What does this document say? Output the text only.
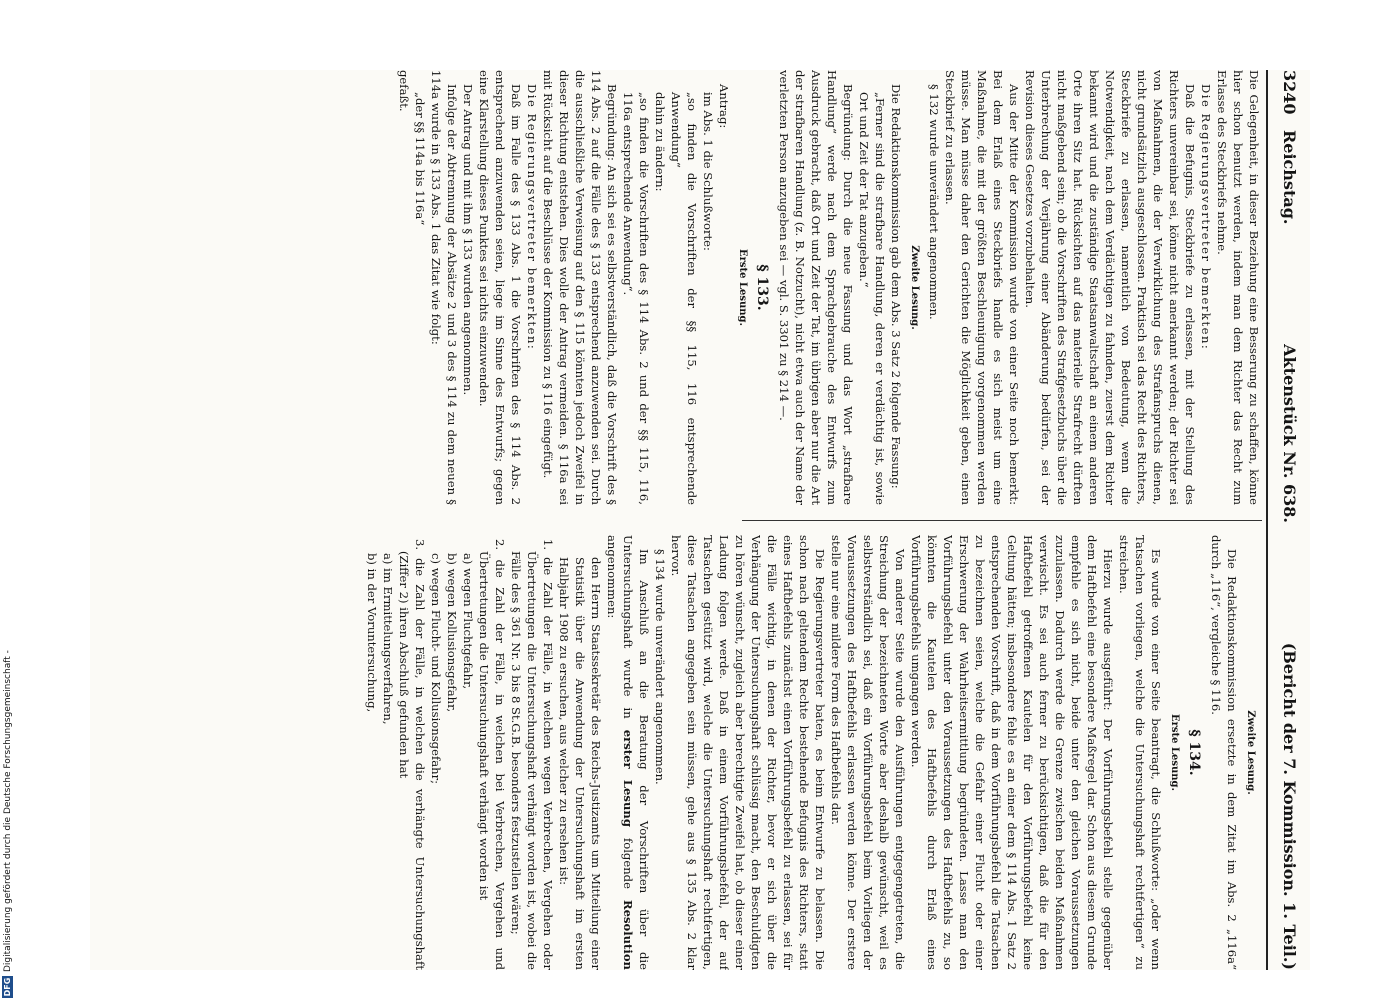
3240
Reichstag.
Aktenstück Nr. 638.
(Bericht der 7. Kommission. 1. Teil.)

Die Gelegenheit, in dieser Beziehung eine Besserung zu schaffen, könne hier schon benutzt werden, indem man dem Richter das Recht zum Erlasse des Steckbriefs nehme.

Die Regierungsvertreter bemerkten:

Daß die Befugnis, Steckbriefe zu erlassen, mit der Stellung des Richters unvereinbar sei, könne nicht anerkannt werden; der Richter sei von Maßnahmen, die der Verwirklichung des Strafanspruchs dienen, nicht grundsätzlich ausgeschlossen. Praktisch sei das Recht des Richters, Steckbriefe zu erlassen, namentlich von Bedeutung, wenn die Notwendigkeit, nach dem Verdächtigen zu fahnden, zuerst dem Richter bekannt wird und die zuständige Staatsanwaltschaft an einem anderen Orte ihren Sitz hat. Rücksichten auf das materielle Strafrecht dürften nicht maßgebend sein; ob die Vorschriften des Strafgesetzbuchs über die Unterbrechung der Verjährung einer Abänderung bedürfen, sei der Revision dieses Gesetzes vorzubehalten.

Aus der Mitte der Kommission wurde von einer Seite noch bemerkt: Bei dem Erlaß eines Steckbriefs handle es sich meist um eine Maßnahme, die mit der größten Beschleunigung vorgenommen werden müsse. Man müsse daher den Gerichten die Möglichkeit geben, einen Steckbrief zu erlassen.

§ 132 wurde unverändert angenommen.

Zweite Lesung.

Die Redaktionskommission gab dem Abs. 3 Satz 2 folgende Fassung:

„Ferner sind die strafbare Handlung, deren er verdächtig ist, sowie Ort und Zeit der Tat anzugeben.“

Begründung: Durch die neue Fassung und das Wort „strafbare Handlung“ werde nach dem Sprachgebrauche des Entwurfs zum Ausdruck gebracht, daß Ort und Zeit der Tat, im übrigen aber nur die Art der strafbaren Handlung (z. B. Notzucht), nicht etwa auch der Name der verletzten Person anzugeben sei — vgl. S. 3301 zu § 214 —.

§ 133.
Erste Lesung.

Antrag:

im Abs. 1 die Schlußworte:

„so finden die Vorschriften der §§ 115, 116 entsprechende Anwendung“

dahin zu ändern:

„so finden die Vorschriften des § 114 Abs. 2 und der §§ 115, 116, 116a entsprechende Anwendung“.

Begründung: An sich sei es selbstverständlich, daß die Vorschrift des § 114 Abs. 2 auf die Fälle des § 133 entsprechend anzuwenden sei. Durch die ausschließliche Verweisung auf den § 115 könnten jedoch Zweifel in dieser Richtung entstehen. Dies wolle der Antrag vermeiden. § 116a sei mit Rücksicht auf die Beschlüsse der Kommission zu § 116 eingefügt.

Die Regierungsvertreter bemerkten:

Daß im Falle des § 133 Abs. 1 die Vorschriften des § 114 Abs. 2 entsprechend anzuwenden seien, liege im Sinne des Entwurfs; gegen eine Klarstellung dieses Punktes sei nichts einzuwenden.

Der Antrag und mit ihm § 133 wurden angenommen.

Infolge der Abtrennung der Absätze 2 und 3 des § 114 zu dem neuen § 114a wurde in § 133 Abs. 1 das Zitat wie folgt:

„der §§ 114a bis 116a“

gefaßt.

Zweite Lesung.

Die Redaktionskommission ersetzte in dem Zitat im Abs. 2 „116a“ durch „116“, vergleiche § 116.

§ 134.
Erste Lesung.

Es wurde von einer Seite beantragt, die Schlußworte: „oder wenn Tatsachen vorliegen, welche die Untersuchungshaft rechtfertigen“ zu streichen.

Hierzu wurde ausgeführt: Der Vorführungsbefehl stelle gegenüber dem Haftbefehl eine besondere Maßregel dar. Schon aus diesem Grunde empfehle es sich nicht, beide unter den gleichen Voraussetzungen zuzulassen. Dadurch werde die Grenze zwischen beiden Maßnahmen verwischt. Es sei auch ferner zu berücksichtigen, daß die für den Haftbefehl getroffenen Kautelen für den Vorführungsbefehl keine Geltung hätten; insbesondere fehle es an einer dem § 114 Abs. 1 Satz 2 entsprechenden Vorschrift, daß in dem Vorführungsbefehl die Tatsachen zu bezeichnen seien, welche die Gefahr einer Flucht oder einer Erschwerung der Wahrheitsermittlung begründeten. Lasse man den Vorführungsbefehl unter den Voraussetzungen des Haftbefehls zu, so könnten die Kautelen des Haftbefehls durch Erlaß eines Vorführungsbefehls umgangen werden.

Von anderer Seite wurde den Ausführungen entgegengetreten, die Streichung der bezeichneten Worte aber deshalb gewünscht, weil es selbstverständlich sei, daß ein Vorführungsbefehl beim Vorliegen der Voraussetzungen des Haftbefehls erlassen werden könne. Der erstere stelle nur eine mildere Form des Haftbefehls dar.

Die Regierungsvertreter baten, es beim Entwurfe zu belassen. Die schon nach geltendem Rechte bestehende Befugnis des Richters, statt eines Haftbefehls zunächst einen Vorführungsbefehl zu erlassen, sei für die Fälle wichtig, in denen der Richter, bevor er sich über die Verhängung der Untersuchungshaft schlüssig macht, den Beschuldigten zu hören wünscht, zugleich aber berechtigte Zweifel hat, ob dieser einer Ladung folgen werde. Daß in einem Vorführungsbefehl, der auf Tatsachen gestützt wird, welche die Untersuchungshaft rechtfertigen, diese Tatsachen angegeben sein müssen, gehe aus § 135 Abs. 2 klar hervor.

§ 134 wurde unverändert angenommen.

Im Anschluß an die Beratung der Vorschriften über die Untersuchungshaft wurde in erster Lesung folgende Resolution angenommen:

den Herrn Staatssekretär des Reichs-Justizamts um Mitteilung einer Statistik über die Anwendung der Untersuchungshaft im ersten Halbjahr 1908 zu ersuchen, aus welcher zu ersehen ist:

1. die Zahl der Fälle, in welchen wegen Verbrechen, Vergehen oder Übertretungen die Untersuchungshaft verhängt worden ist, wobei die Fälle des § 361 Nr. 3 bis 8 St.G.B. besonders festzustellen wären;

2. die Zahl der Fälle, in welchen bei Verbrechen, Vergehen und Übertretungen die Untersuchungshaft verhängt worden ist

a) wegen Fluchtgefahr,

b) wegen Kollusionsgefahr,

c) wegen Flucht- und Kollusionsgefahr;

3. die Zahl der Fälle, in welchen die verhängte Untersuchungshaft (Ziffer 2) ihren Abschluß gefunden hat

a) im Ermittelungsverfahren,

b) in der Voruntersuchung,

DFGDigitalisierung gefördert durch die Deutsche Forschungsgemeinschaft -
